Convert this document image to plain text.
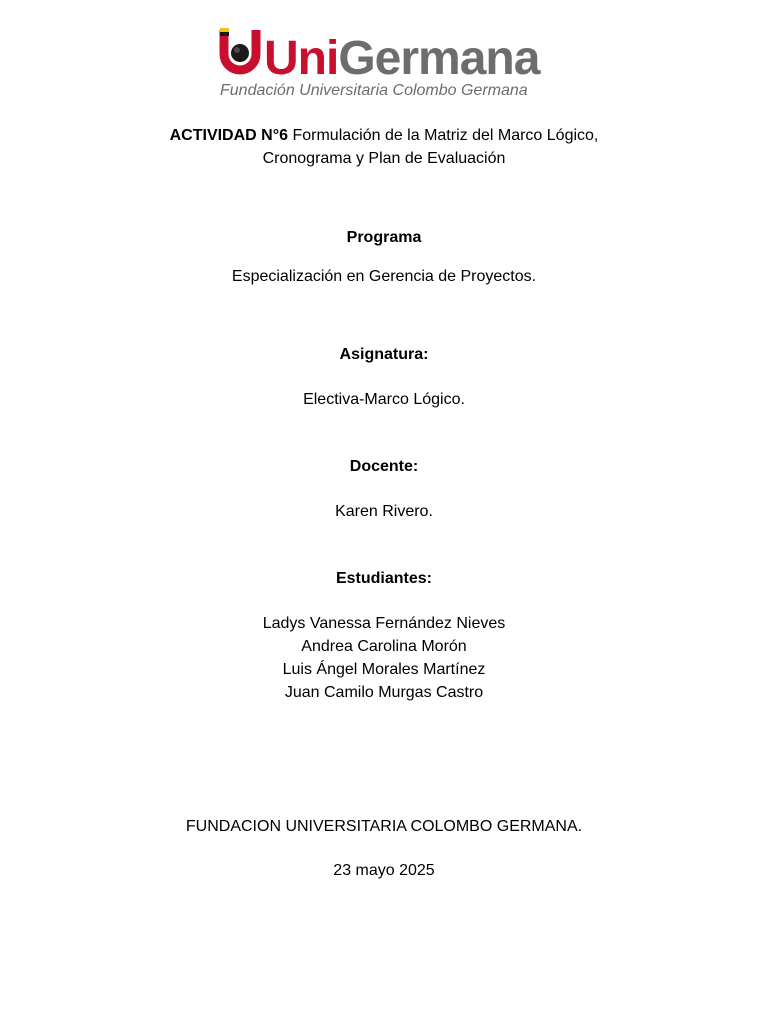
UniGermana
Fundación Universitaria Colombo Germana
ACTIVIDAD N°6 Formulación de la Matriz del Marco Lógico,
Cronograma y Plan de Evaluación
Programa
Especialización en Gerencia de Proyectos.
Asignatura:
Electiva-Marco Lógico.
Docente:
Karen Rivero.
Estudiantes:
Ladys Vanessa Fernández Nieves
Andrea Carolina Morón
Luis Ángel Morales Martínez
Juan Camilo Murgas Castro
FUNDACION UNIVERSITARIA COLOMBO GERMANA.
23 mayo 2025
